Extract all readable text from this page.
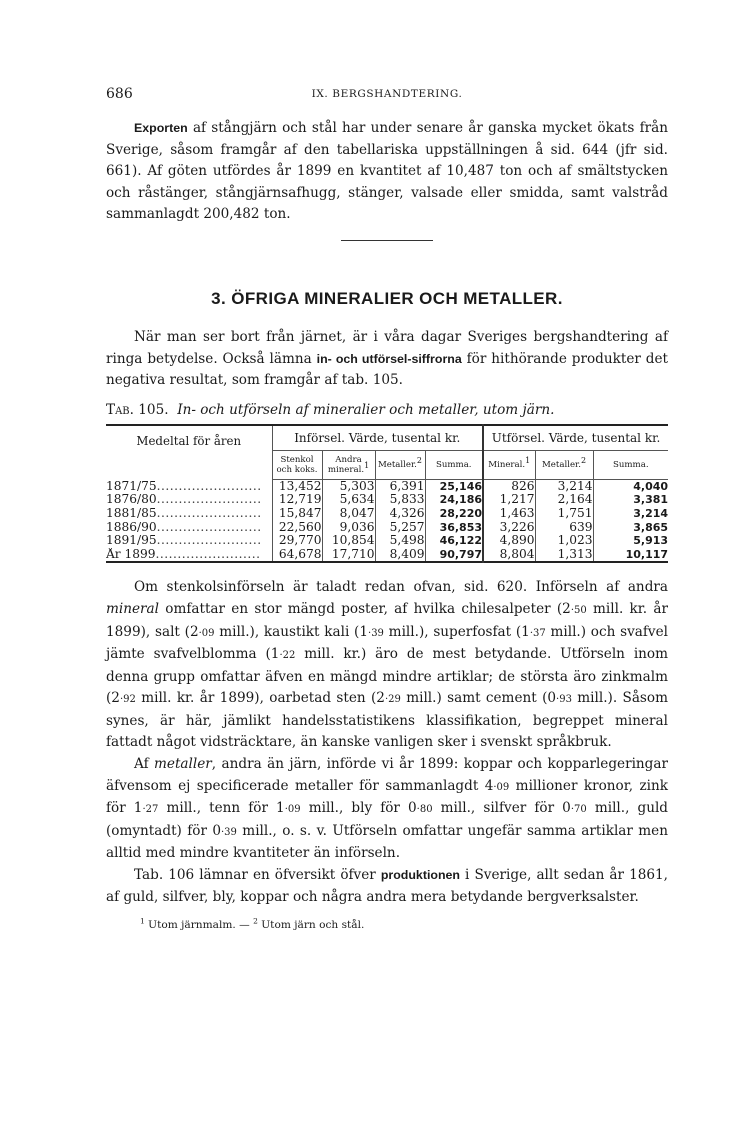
686	IX. BERGSHANDTERING.

Exporten af stångjärn och stål har under senare år ganska mycket ökats från Sverige, såsom framgår af den tabellariska uppställningen å sid. 644 (jfr sid. 661). Af göten utfördes år 1899 en kvantitet af 10,487 ton och af smältstycken och råstänger, stångjärnsafhugg, stänger, valsade eller smidda, samt valstråd sammanlagdt 200,482 ton.

3. ÖFRIGA MINERALIER OCH METALLER.

När man ser bort från järnet, är i våra dagar Sveriges bergshandtering af ringa betydelse. Också lämna in- och utförsel-siffrorna för hithörande produkter det negativa resultat, som framgår af tab. 105.

Tab. 105. In- och utförseln af mineralier och metaller, utom järn.
Medeltal för åren	Införsel. Värde, tusental kr.				Utförsel. Värde, tusental kr.		
	Stenkol och koks.	Andra mineral.$^1$	Metaller.$^2$	Summa.	Mineral.$^1$	Metaller.$^2$	Summa.
1871/75........................	13,452	5,303	6,391	25,146	826	3,214	4,040
1876/80........................	12,719	5,634	5,833	24,186	1,217	2,164	3,381
1881/85........................	15,847	8,047	4,326	28,220	1,463	1,751	3,214
1886/90........................	22,560	9,036	5,257	36,853	3,226	639	3,865
1891/95........................	29,770	10,854	5,498	46,122	4,890	1,023	5,913
År 1899........................	64,678	17,710	8,409	90,797	8,804	1,313	10,117

Om stenkolsinförseln är taladt redan ofvan, sid. 620. Införseln af andra mineral omfattar en stor mängd poster, af hvilka chilesalpeter (2·50 mill. kr. år 1899), salt (2·09 mill.), kaustikt kali (1·39 mill.), superfosfat (1·37 mill.) och svafvel jämte svafvelblomma (1·22 mill. kr.) äro de mest betydande. Utförseln inom denna grupp omfattar äfven en mängd mindre artiklar; de största äro zinkmalm (2·92 mill. kr. år 1899), oarbetad sten (2·29 mill.) samt cement (0·93 mill.). Såsom synes, är här, jämlikt handelsstatistikens klassifikation, begreppet mineral fattadt något vidsträcktare, än kanske vanligen sker i svenskt språkbruk.

Af metaller, andra än järn, införde vi år 1899: koppar och kopparlegeringar äfvensom ej specificerade metaller för sammanlagdt 4·09 millioner kronor, zink för 1·27 mill., tenn för 1·09 mill., bly för 0·80 mill., silfver för 0·70 mill., guld (omyntadt) för 0·39 mill., o. s. v. Utförseln omfattar ungefär samma artiklar men alltid med mindre kvantiteter än införseln.

Tab. 106 lämnar en öfversikt öfver produktionen i Sverige, allt sedan år 1861, af guld, silfver, bly, koppar och några andra mera betydande bergverksalster.

$^1$ Utom järnmalm. — $^2$ Utom järn och stål.
